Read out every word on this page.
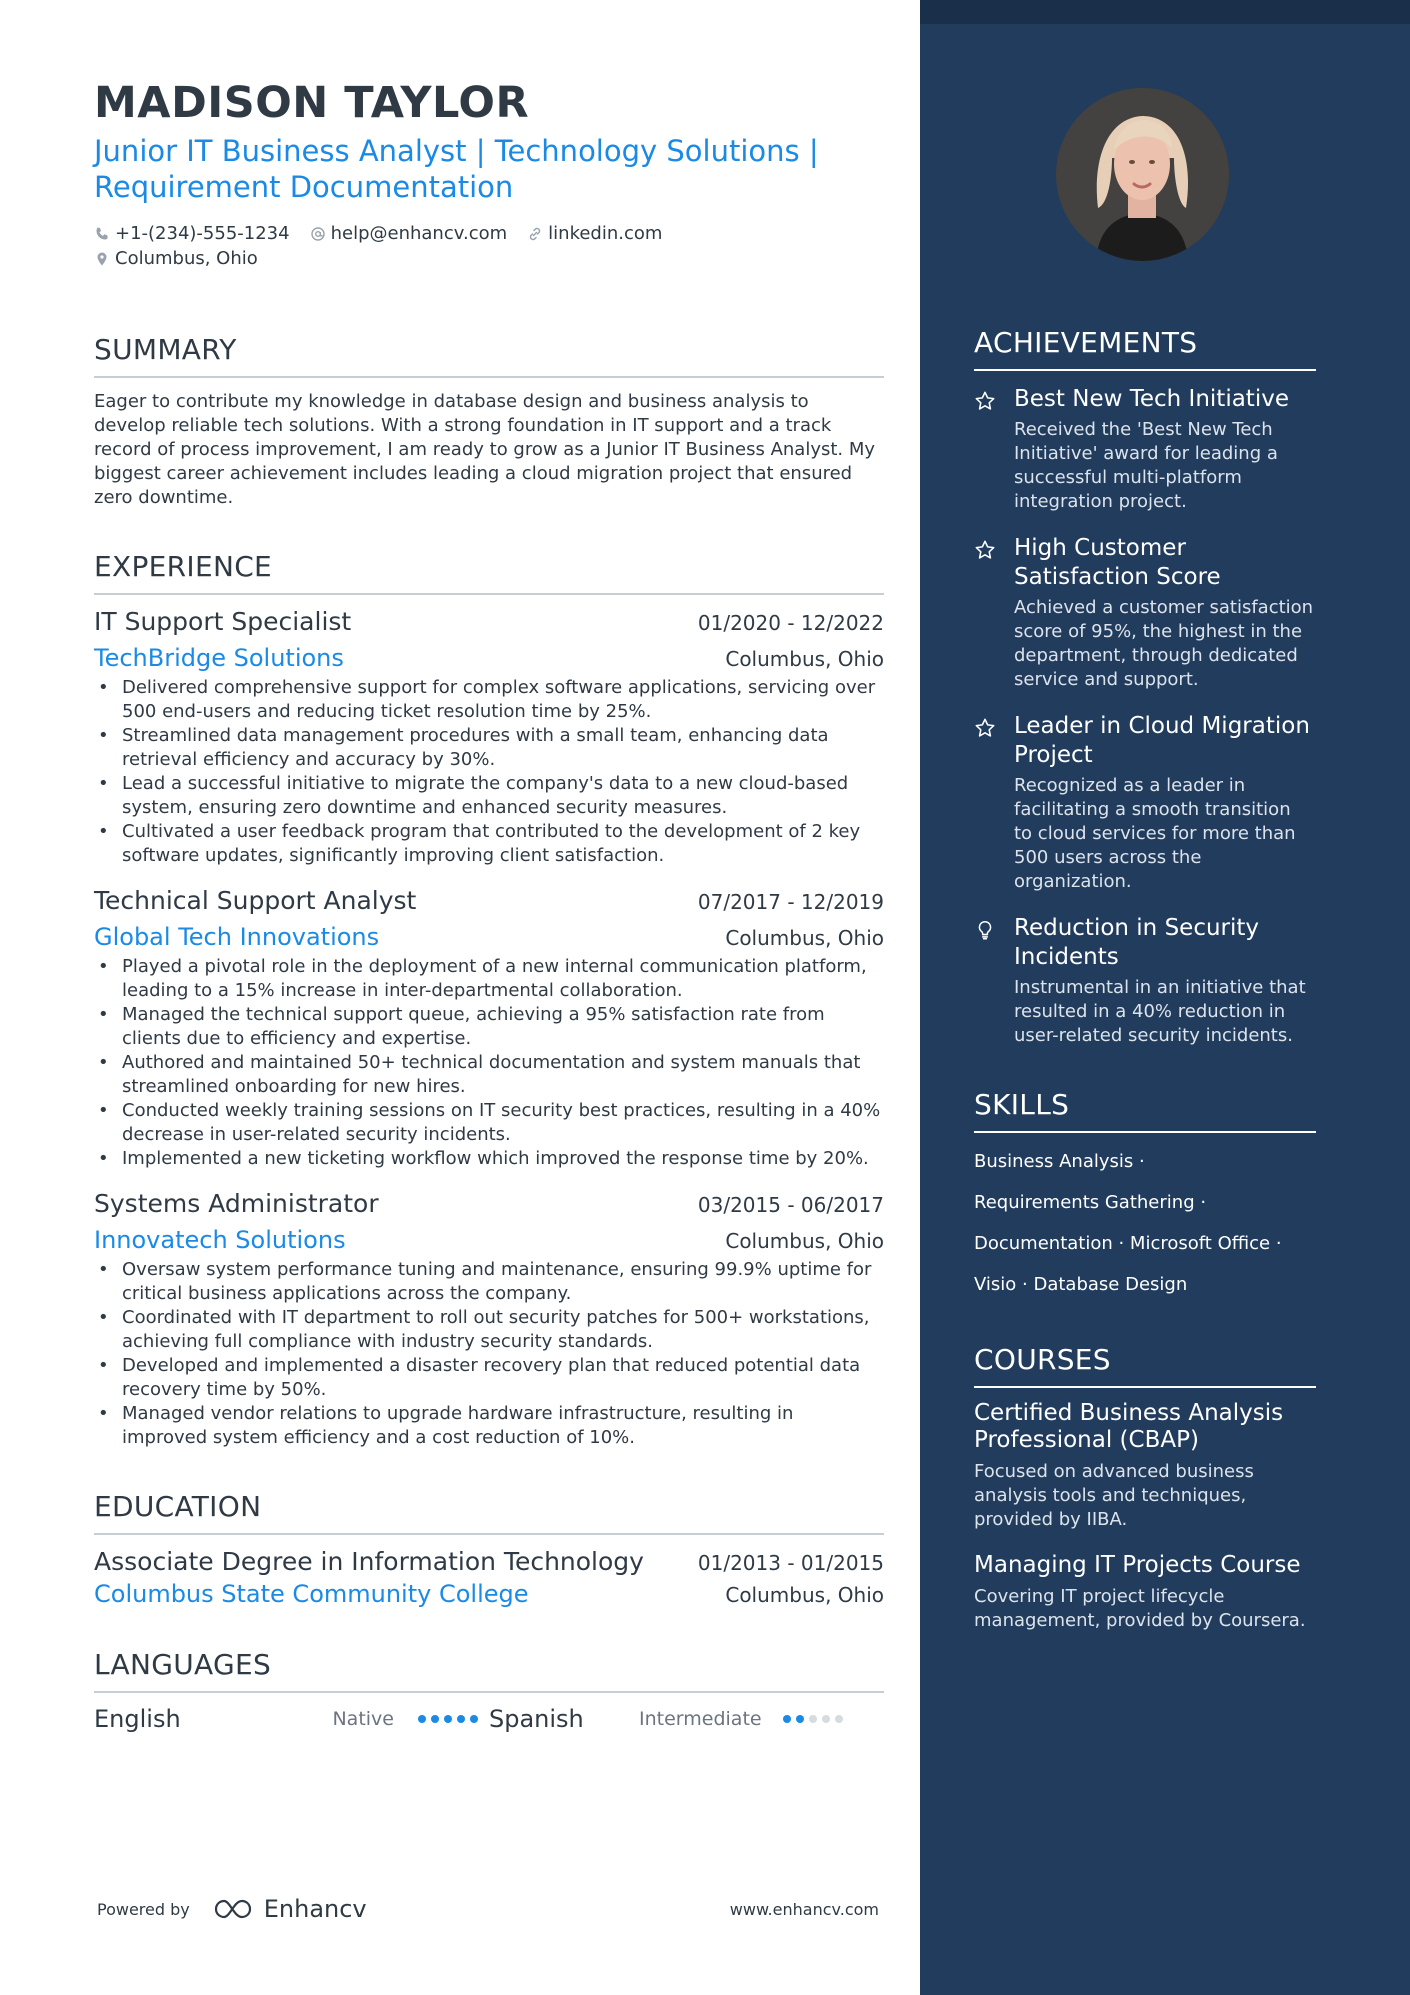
MADISON TAYLOR
Junior IT Business Analyst | Technology Solutions |
Requirement Documentation
+1-(234)-555-1234 help@enhancv.com linkedin.com
Columbus, Ohio
SUMMARY
Eager to contribute my knowledge in database design and business analysis to develop reliable tech solutions. With a strong foundation in IT support and a track record of process improvement, I am ready to grow as a Junior IT Business Analyst. My biggest career achievement includes leading a cloud migration project that ensured zero downtime.
EXPERIENCE
IT Support Specialist	01/2020 - 12/2022
TechBridge Solutions	Columbus, Ohio
• Delivered comprehensive support for complex software applications, servicing over 500 end-users and reducing ticket resolution time by 25%.
• Streamlined data management procedures with a small team, enhancing data retrieval efficiency and accuracy by 30%.
• Lead a successful initiative to migrate the company's data to a new cloud-based system, ensuring zero downtime and enhanced security measures.
• Cultivated a user feedback program that contributed to the development of 2 key software updates, significantly improving client satisfaction.
Technical Support Analyst	07/2017 - 12/2019
Global Tech Innovations	Columbus, Ohio
• Played a pivotal role in the deployment of a new internal communication platform, leading to a 15% increase in inter-departmental collaboration.
• Managed the technical support queue, achieving a 95% satisfaction rate from clients due to efficiency and expertise.
• Authored and maintained 50+ technical documentation and system manuals that streamlined onboarding for new hires.
• Conducted weekly training sessions on IT security best practices, resulting in a 40% decrease in user-related security incidents.
• Implemented a new ticketing workflow which improved the response time by 20%.
Systems Administrator	03/2015 - 06/2017
Innovatech Solutions	Columbus, Ohio
• Oversaw system performance tuning and maintenance, ensuring 99.9% uptime for critical business applications across the company.
• Coordinated with IT department to roll out security patches for 500+ workstations, achieving full compliance with industry security standards.
• Developed and implemented a disaster recovery plan that reduced potential data recovery time by 50%.
• Managed vendor relations to upgrade hardware infrastructure, resulting in improved system efficiency and a cost reduction of 10%.
EDUCATION
Associate Degree in Information Technology	01/2013 - 01/2015
Columbus State Community College	Columbus, Ohio
LANGUAGES
English	Native	Spanish	Intermediate
Powered by	Enhancv	www.enhancv.com
ACHIEVEMENTS
Best New Tech Initiative
Received the 'Best New Tech Initiative' award for leading a successful multi-platform integration project.
High Customer Satisfaction Score
Achieved a customer satisfaction score of 95%, the highest in the department, through dedicated service and support.
Leader in Cloud Migration Project
Recognized as a leader in facilitating a smooth transition to cloud services for more than 500 users across the organization.
Reduction in Security Incidents
Instrumental in an initiative that resulted in a 40% reduction in user-related security incidents.
SKILLS
Business Analysis ·
Requirements Gathering ·
Documentation · Microsoft Office ·
Visio · Database Design
COURSES
Certified Business Analysis Professional (CBAP)
Focused on advanced business analysis tools and techniques, provided by IIBA.
Managing IT Projects Course
Covering IT project lifecycle management, provided by Coursera.
